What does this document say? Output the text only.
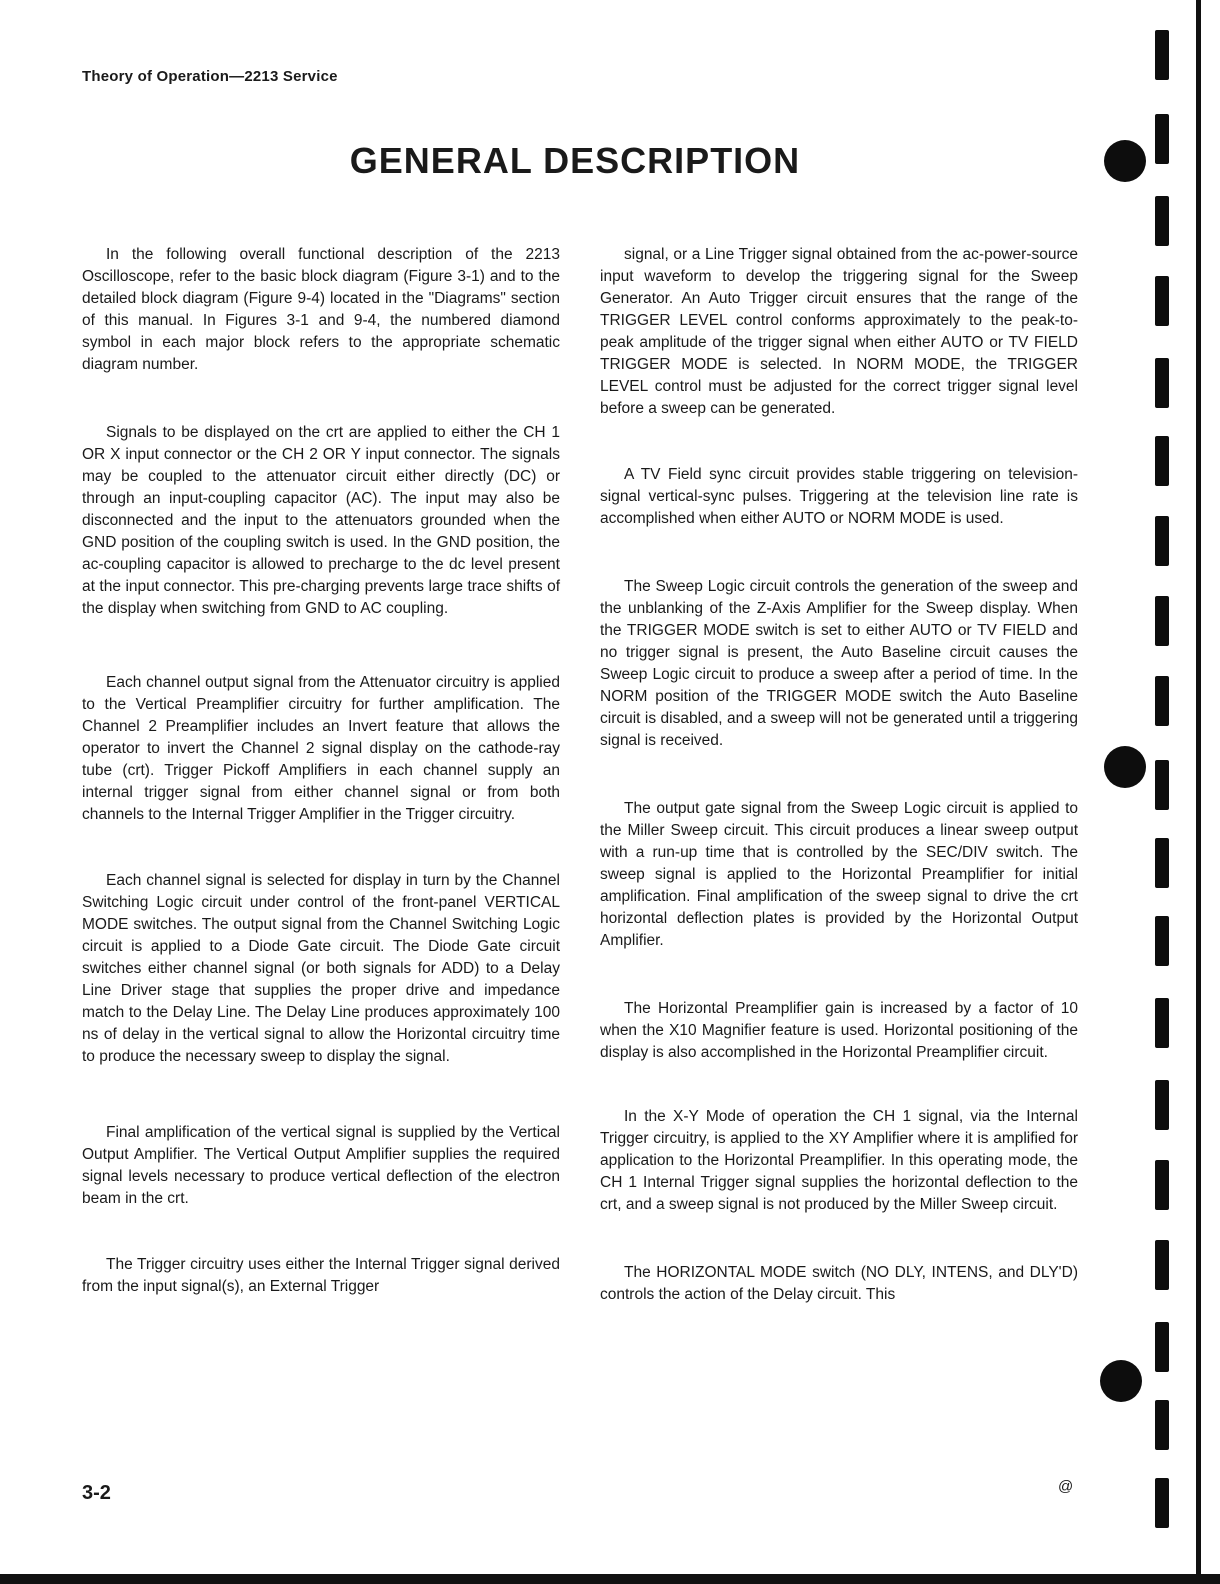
Theory of Operation—2213 Service
GENERAL DESCRIPTION

In the following overall functional description of the 2213 Oscilloscope, refer to the basic block diagram (Figure 3-1) and to the detailed block diagram (Figure 9-4) located in the "Diagrams" section of this manual. In Figures 3-1 and 9-4, the numbered diamond symbol in each major block refers to the appropriate schematic diagram number.

Signals to be displayed on the crt are applied to either the CH 1 OR X input connector or the CH 2 OR Y input connector. The signals may be coupled to the attenuator circuit either directly (DC) or through an input-coupling capacitor (AC). The input may also be disconnected and the input to the attenuators grounded when the GND position of the coupling switch is used. In the GND position, the ac-coupling capacitor is allowed to precharge to the dc level present at the input connector. This pre-charging prevents large trace shifts of the display when switching from GND to AC coupling.

Each channel output signal from the Attenuator circuitry is applied to the Vertical Preamplifier circuitry for further amplification. The Channel 2 Preamplifier includes an Invert feature that allows the operator to invert the Channel 2 signal display on the cathode-ray tube (crt). Trigger Pickoff Amplifiers in each channel supply an internal trigger signal from either channel signal or from both channels to the Internal Trigger Amplifier in the Trigger circuitry.

Each channel signal is selected for display in turn by the Channel Switching Logic circuit under control of the front-panel VERTICAL MODE switches. The output signal from the Channel Switching Logic circuit is applied to a Diode Gate circuit. The Diode Gate circuit switches either channel signal (or both signals for ADD) to a Delay Line Driver stage that supplies the proper drive and impedance match to the Delay Line. The Delay Line produces approximately 100 ns of delay in the vertical signal to allow the Horizontal circuitry time to produce the necessary sweep to display the signal.

Final amplification of the vertical signal is supplied by the Vertical Output Amplifier. The Vertical Output Amplifier supplies the required signal levels necessary to produce vertical deflection of the electron beam in the crt.

The Trigger circuitry uses either the Internal Trigger signal derived from the input signal(s), an External Trigger

signal, or a Line Trigger signal obtained from the ac-power-source input waveform to develop the triggering signal for the Sweep Generator. An Auto Trigger circuit ensures that the range of the TRIGGER LEVEL control conforms approximately to the peak-to-peak amplitude of the trigger signal when either AUTO or TV FIELD TRIGGER MODE is selected. In NORM MODE, the TRIGGER LEVEL control must be adjusted for the correct trigger signal level before a sweep can be generated.

A TV Field sync circuit provides stable triggering on television-signal vertical-sync pulses. Triggering at the television line rate is accomplished when either AUTO or NORM MODE is used.

The Sweep Logic circuit controls the generation of the sweep and the unblanking of the Z-Axis Amplifier for the Sweep display. When the TRIGGER MODE switch is set to either AUTO or TV FIELD and no trigger signal is present, the Auto Baseline circuit causes the Sweep Logic circuit to produce a sweep after a period of time. In the NORM position of the TRIGGER MODE switch the Auto Baseline circuit is disabled, and a sweep will not be generated until a triggering signal is received.

The output gate signal from the Sweep Logic circuit is applied to the Miller Sweep circuit. This circuit produces a linear sweep output with a run-up time that is controlled by the SEC/DIV switch. The sweep signal is applied to the Horizontal Preamplifier for initial amplification. Final amplification of the sweep signal to drive the crt horizontal deflection plates is provided by the Horizontal Output Amplifier.

The Horizontal Preamplifier gain is increased by a factor of 10 when the X10 Magnifier feature is used. Horizontal positioning of the display is also accomplished in the Horizontal Preamplifier circuit.

In the X-Y Mode of operation the CH 1 signal, via the Internal Trigger circuitry, is applied to the XY Amplifier where it is amplified for application to the Horizontal Preamplifier. In this operating mode, the CH 1 Internal Trigger signal supplies the horizontal deflection to the crt, and a sweep signal is not produced by the Miller Sweep circuit.

The HORIZONTAL MODE switch (NO DLY, INTENS, and DLY'D) controls the action of the Delay circuit. This

3-2	@
